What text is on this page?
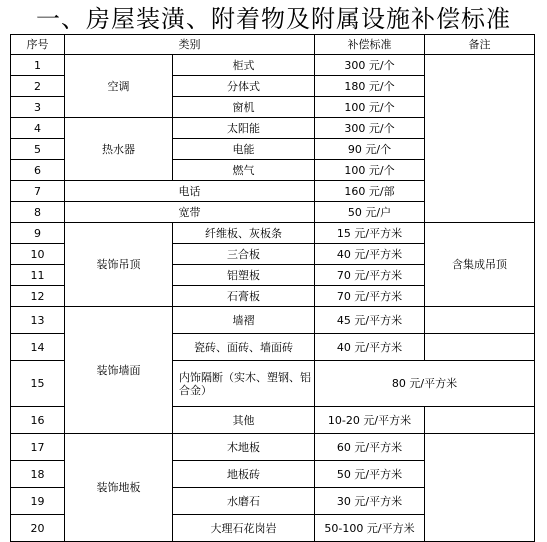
一、房屋装潢、附着物及附属设施补偿标准
序号	类别		补偿标准	备注
1	空调	柜式	300 元/个	
2		分体式	180 元/个	
3		窗机	100 元/个	
4	热水器	太阳能	300 元/个	
5		电能	90 元/个	
6		燃气	100 元/个	
7	电话		160 元/部	
8	宽带		50 元/户	
9	装饰吊顶	纤维板、灰板条	15 元/平方米	含集成吊顶
10		三合板	40 元/平方米	
11		铝塑板	70 元/平方米	
12		石膏板	70 元/平方米	
13	装饰墙面	墙褶	45 元/平方米	
14		瓷砖、面砖、墙面砖	40 元/平方米	
15		内饰隔断（实木、塑钢、铝合金）	80 元/平方米	
16		其他	10-20 元/平方米	
17	装饰地板	木地板	60 元/平方米	
18		地板砖	50 元/平方米	
19		水磨石	30 元/平方米	
20		大理石花岗岩	50-100 元/平方米	
